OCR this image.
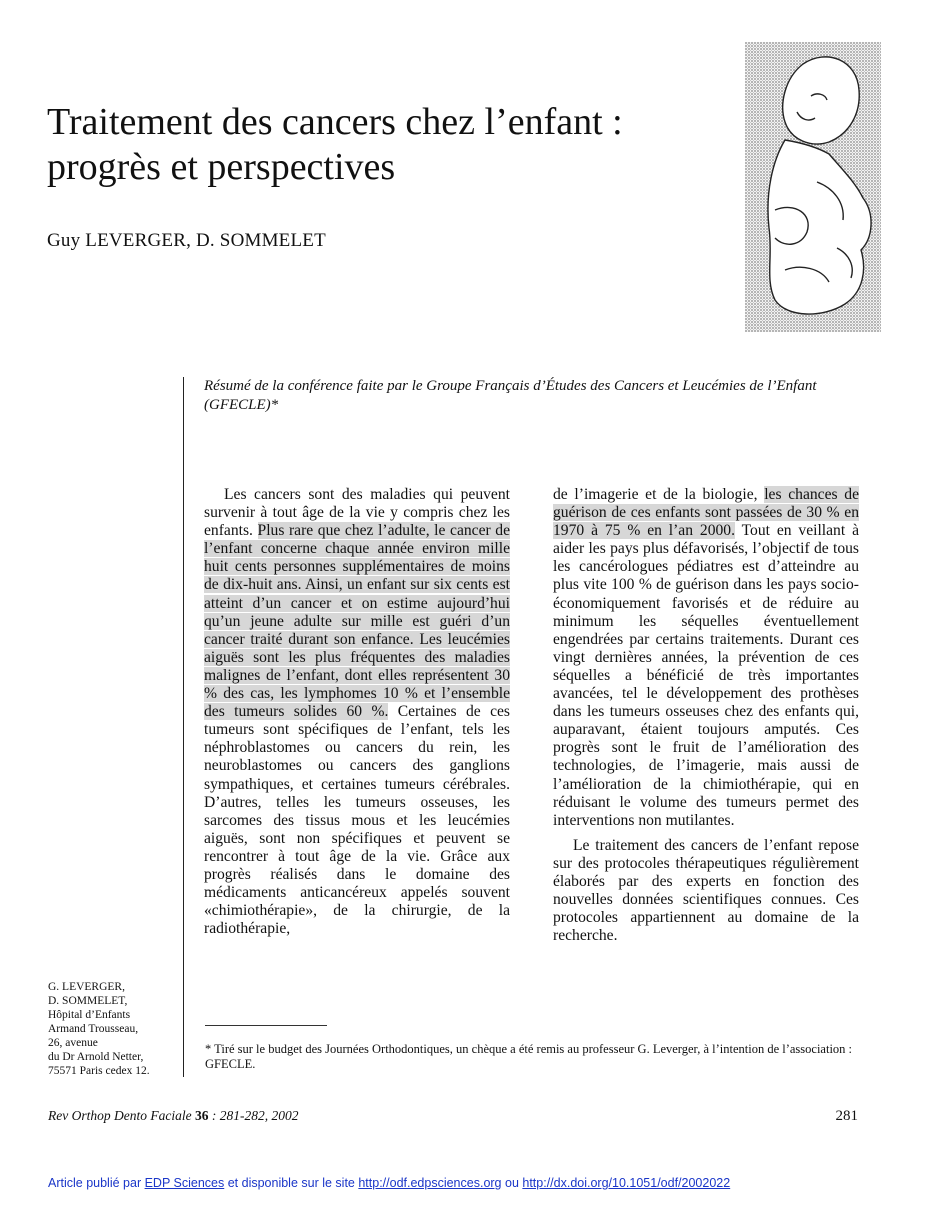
Traitement des cancers chez l’enfant :
progrès et perspectives
Guy LEVERGER, D. SOMMELET
Résumé de la conférence faite par le Groupe Français d’Études des Cancers et Leucémies de l’Enfant (GFECLE)*

Les cancers sont des maladies qui peuvent survenir à tout âge de la vie y compris chez les enfants. Plus rare que chez l’adulte, le cancer de l’enfant concerne chaque année environ mille huit cents personnes supplémentaires de moins de dix-huit ans. Ainsi, un enfant sur six cents est atteint d’un cancer et on estime aujourd’hui qu’un jeune adulte sur mille est guéri d’un cancer traité durant son enfance. Les leucémies aiguës sont les plus fréquentes des maladies malignes de l’enfant, dont elles représentent 30 % des cas, les lymphomes 10 % et l’ensemble des tumeurs solides 60 %. Certaines de ces tumeurs sont spécifiques de l’enfant, tels les néphroblastomes ou cancers du rein, les neuroblastomes ou cancers des ganglions sympathiques, et certaines tumeurs cérébrales. D’autres, telles les tumeurs osseuses, les sarcomes des tissus mous et les leucémies aiguës, sont non spécifiques et peuvent se rencontrer à tout âge de la vie. Grâce aux progrès réalisés dans le domaine des médicaments anticancéreux appelés souvent «chimiothérapie», de la chirurgie, de la radiothérapie,

de l’imagerie et de la biologie, les chances de guérison de ces enfants sont passées de 30 % en 1970 à 75 % en l’an 2000. Tout en veillant à aider les pays plus défavorisés, l’objectif de tous les cancérologues pédiatres est d’atteindre au plus vite 100 % de guérison dans les pays socio-économiquement favorisés et de réduire au minimum les séquelles éventuellement engendrées par certains traitements. Durant ces vingt dernières années, la prévention de ces séquelles a bénéficié de très importantes avancées, tel le développement des prothèses dans les tumeurs osseuses chez des enfants qui, auparavant, étaient toujours amputés. Ces progrès sont le fruit de l’amélioration des technologies, de l’imagerie, mais aussi de l’amélioration de la chimiothérapie, qui en réduisant le volume des tumeurs permet des interventions non mutilantes.

Le traitement des cancers de l’enfant repose sur des protocoles thérapeutiques régulièrement élaborés par des experts en fonction des nouvelles données scientifiques connues. Ces protocoles appartiennent au domaine de la recherche.

G. LEVERGER,
D. SOMMELET,
Hôpital d’Enfants
Armand Trousseau,
26, avenue
du Dr Arnold Netter,
75571 Paris cedex 12.
* Tiré sur le budget des Journées Orthodontiques, un chèque a été remis au professeur G. Leverger, à l’intention de l’association : GFECLE.
Rev Orthop Dento Faciale 36 : 281-282, 2002	281
Article publié par EDP Sciences et disponible sur le site http://odf.edpsciences.org ou http://dx.doi.org/10.1051/odf/2002022
